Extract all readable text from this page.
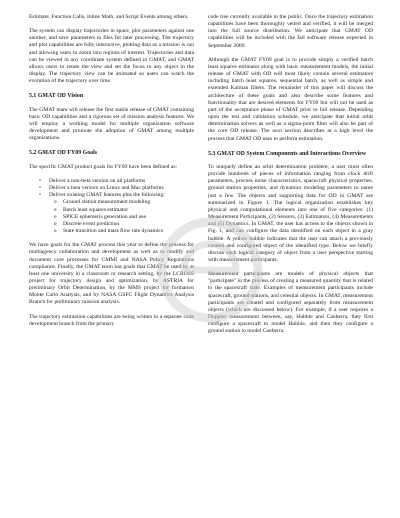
Estimate, Function Calls, Inline Math, and Script Events among others.

The system can display trajectories in space, plot parameters against one another, and save parameters to files for later processing. The trajectory and plot capabilities are fully interactive, plotting data as a mission is run and allowing users to zoom into regions of interest. Trajectories and data can be viewed in any coordinate system defined in GMAT, and GMAT allows users to rotate the view and set the focus to any object in the display. The trajectory view can be animated so users can watch the evolution of the trajectory over time.

5.1 GMAT OD Vision

The GMAT team will release the first stable release of GMAT containing basic OD capabilities and a rigorous set of mission analysis features. We will employ a working model for multiple organization software development and promote the adoption of GMAT among multiple organizations.

5.2 GMAT OD FY09 Goals

The specific GMAT product goals for FY09 have been defined as:

• Deliver a non-beta version on all platforms
• Deliver a beta version on Linux and Mac platforms
• Deliver existing GMAT features plus the following:
o Ground station measurement modeling
o Batch least squares estimator
o SPICE ephemeris generation and use
o Discrete event prediction
o State transition and mass flow rate dynamics

We have goals for the GMAT process this year to define the process for multiagency collaboration and development as well as to modify and document core processes for CMMI and NASA Policy Regulations compliance. Finally, the GMAT team has goals that GMAT be used by at least one university in a classroom or research setting, by the LCROSS project for trajectory design and optimization, by ASTRIA for preliminary Orbit Determination, by the MMS project for formation Monte Carlo Analysis, and by NASA GSFC Flight Dynamics Analysis Branch for preliminary mission analysis.

The trajectory estimation capabilities are being written in a separate code development branch from the primary

code tree currently available to the public. Once the trajectory estimation capabilities have been thoroughly vetted and verified, it will be merged into the full source distribution. We anticipate that GMAT OD capabilities will be included with the fall software release expected in September 2009.

Although the GMAT FY09 goal is to provide simply a verified batch least squares estimator along with basic measurement models, the initial release of GMAT with OD will most likely contain several estimators including batch least squares, sequential batch, as well as simple and extended Kalman filters. The remainder of this paper will discuss the architecture of these goals and also describe some features and functionality that are desired elements for FY09 but will not be used as part of the acceptance phase of GMAT prior to full release. Depending upon the test and validation schedule, we anticipate that initial orbit determination solvers as well as a sigma-point filter will also be part of the core OD release. The next section describes at a high level the process that GMAT OD uses to perform estimation.

5.3 GMAT OD System Components and Interactions Overview

To uniquely define an orbit determination problem, a user must often provide hundreds of pieces of information ranging from clock drift parameters, process noise characteristics, spacecraft physical properties, ground station properties, and dynamics modeling parameters to name just a few. The objects and supporting data for OD in GMAT are summarized in Figure 1. The logical organization establishes key physical and computational elements into one of five categories: (1) Measurement Participants, (2) Sensors, (3) Estimators, (4) Measurements and (5) Dynamics. In GMAT, the user has access to the objects shown in Fig. 1, and can configure the data identified on each object in a gray bubble. A yellow bubble indicates that the user can attach a previously created and configured object of the identified type. Below we briefly discuss each logical category of object from a user perspective starting with measurement participants.

Measurement participants are models of physical objects that "participate" in the process of creating a measured quantity that is related to the spacecraft state. Examples of measurement participants include spacecraft, ground stations, and celestial objects. In GMAT, measurement participants are created and configured separately from measurement objects (which are discussed below). For example, if a user requires a Doppler measurement between, say, Hubble and Canberra, they first configure a spacecraft to model Hubble, and then they configure a ground station to model Canberra.
